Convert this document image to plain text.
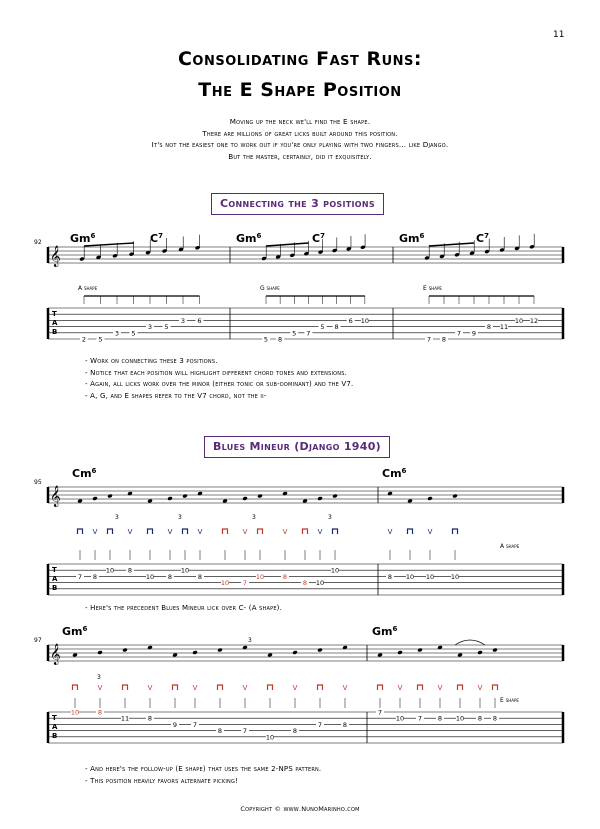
11
Consolidating Fast Runs:
The E Shape Position
Moving up the neck we'll find the E shape.
There are millions of great licks built around this position.
It's not the easiest one to work out if you're only playing with two fingers... like Django.
But the master, certainly, did it exquisitely.
Connecting the 3 positions
92
𝄞
T
A
B
Gm$^6$	$C^7$
A shape
2 5
3 5
3 5
3 6
Gm$^6$	$C^7$
G shape
5 8
5 7
5 8
6 10
Gm$^6$	$C^7$
E shape
7 8
7 9
8 11
10 12
- Work on connecting these 3 positions.
- Notice that each position will highlight different chord tones and extensions.
- Again, all licks work over the minor (either tonic or sub-dominant) and the V7.
- A, G, and E shapes refer to the V7 chord, not the ii-
Blues Mineur (Django 1940)
95
𝄞
T
A
B
Cm$^6$	Cm$^6$
A shape
7 8
V
10 8
V
10 8
V
10
8
V
10 7
V
10	8
V
8 10
V
10
8
V
10 10
V
10
3	3	3	3
- Here's the precedent Blues Mineur lick over C- (A shape).
97
𝄞
T
A
B
Gm$^6$	Gm$^6$
E shape
10	8
V
11	8
V
9 7
V
8	7
V
10
8
V
7	8
V
7
10
V
7 8
V
10 8
V
8
3
3
- And here's the follow-up (E shape) that uses the same 2-NPS pattern.
- This position heavily favors alternate picking!
Copyright © www.NunoMarinho.com
